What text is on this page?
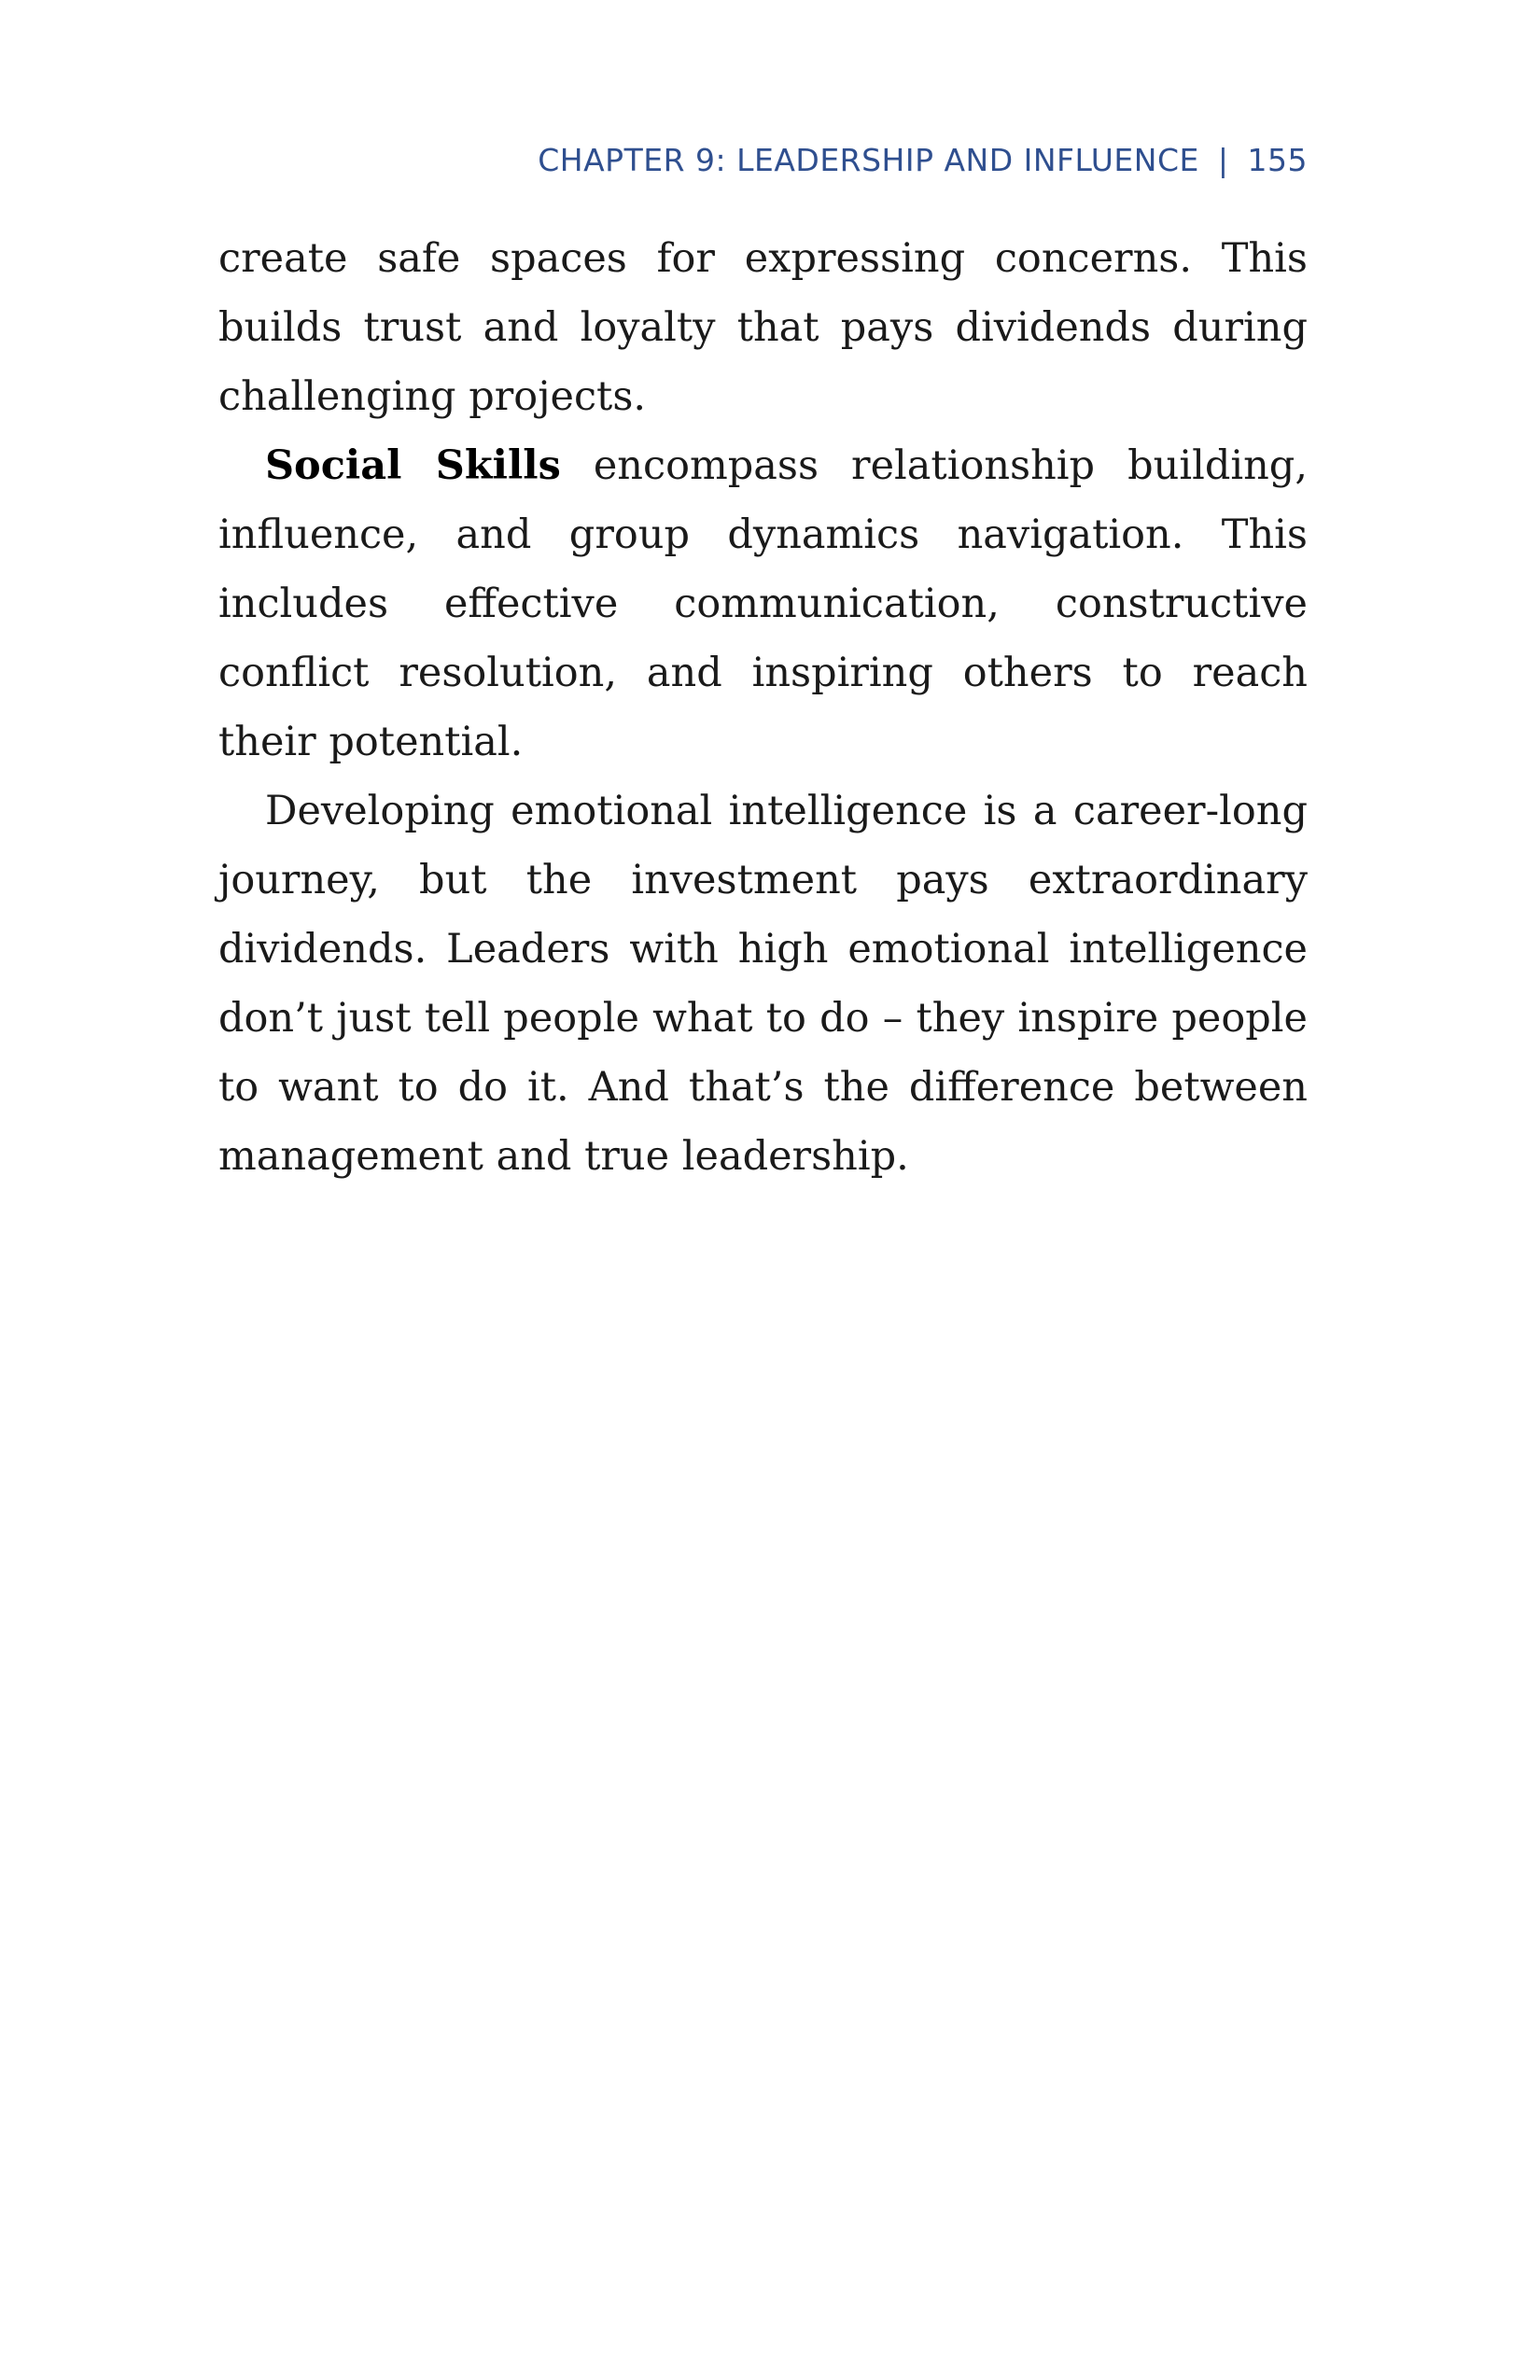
CHAPTER 9: LEADERSHIP AND INFLUENCE | 155

create safe spaces for expressing concerns. This builds trust and loyalty that pays dividends during challenging projects.

Social Skills encompass relationship building, influence, and group dynamics navigation. This includes effective communication, constructive conflict resolution, and inspiring others to reach their potential.

Developing emotional intelligence is a career-long journey, but the investment pays extraordinary dividends. Leaders with high emotional intelligence don’t just tell people what to do – they inspire people to want to do it. And that’s the difference between management and true leadership.
